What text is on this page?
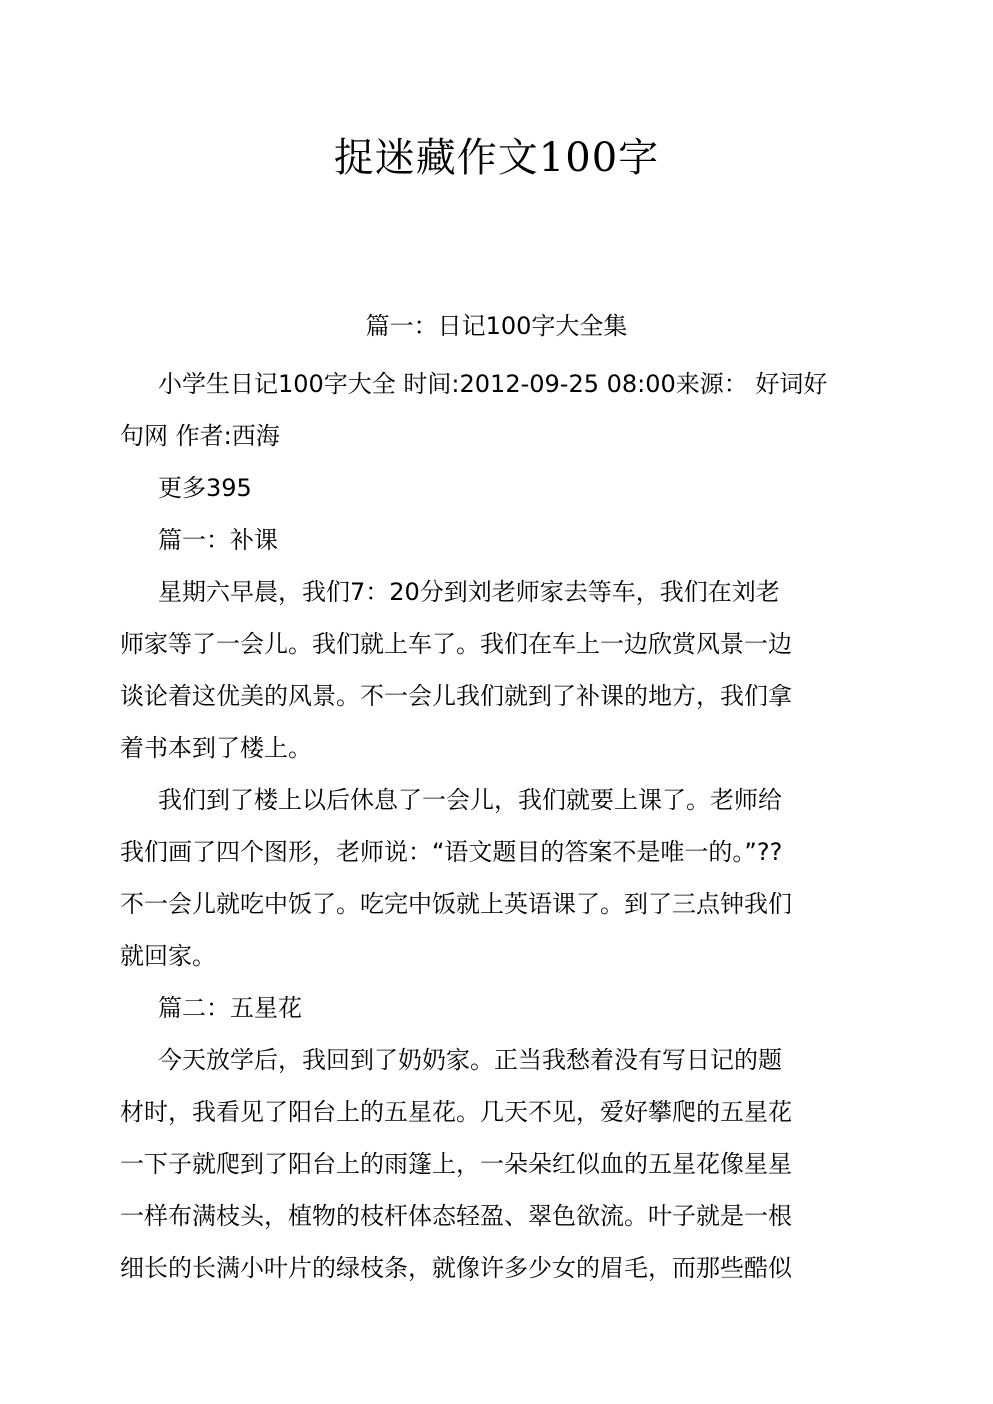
捉迷藏作文100字
篇一：日记100字大全集
小学生日记100字大全 时间:2012-09-25 08:00来源： 好词好
句网 作者:西海
更多395
篇一：补课
星期六早晨，我们7：20分到刘老师家去等车，我们在刘老
师家等了一会儿。我们就上车了。我们在车上一边欣赏风景一边
谈论着这优美的风景。不一会儿我们就到了补课的地方，我们拿
着书本到了楼上。
我们到了楼上以后休息了一会儿，我们就要上课了。老师给
我们画了四个图形，老师说：“语文题目的答案不是唯一的。”??
不一会儿就吃中饭了。吃完中饭就上英语课了。到了三点钟我们
就回家。
篇二：五星花
今天放学后，我回到了奶奶家。正当我愁着没有写日记的题
材时，我看见了阳台上的五星花。几天不见，爱好攀爬的五星花
一下子就爬到了阳台上的雨篷上，一朵朵红似血的五星花像星星
一样布满枝头，植物的枝杆体态轻盈、翠色欲流。叶子就是一根
细长的长满小叶片的绿枝条，就像许多少女的眉毛，而那些酷似
